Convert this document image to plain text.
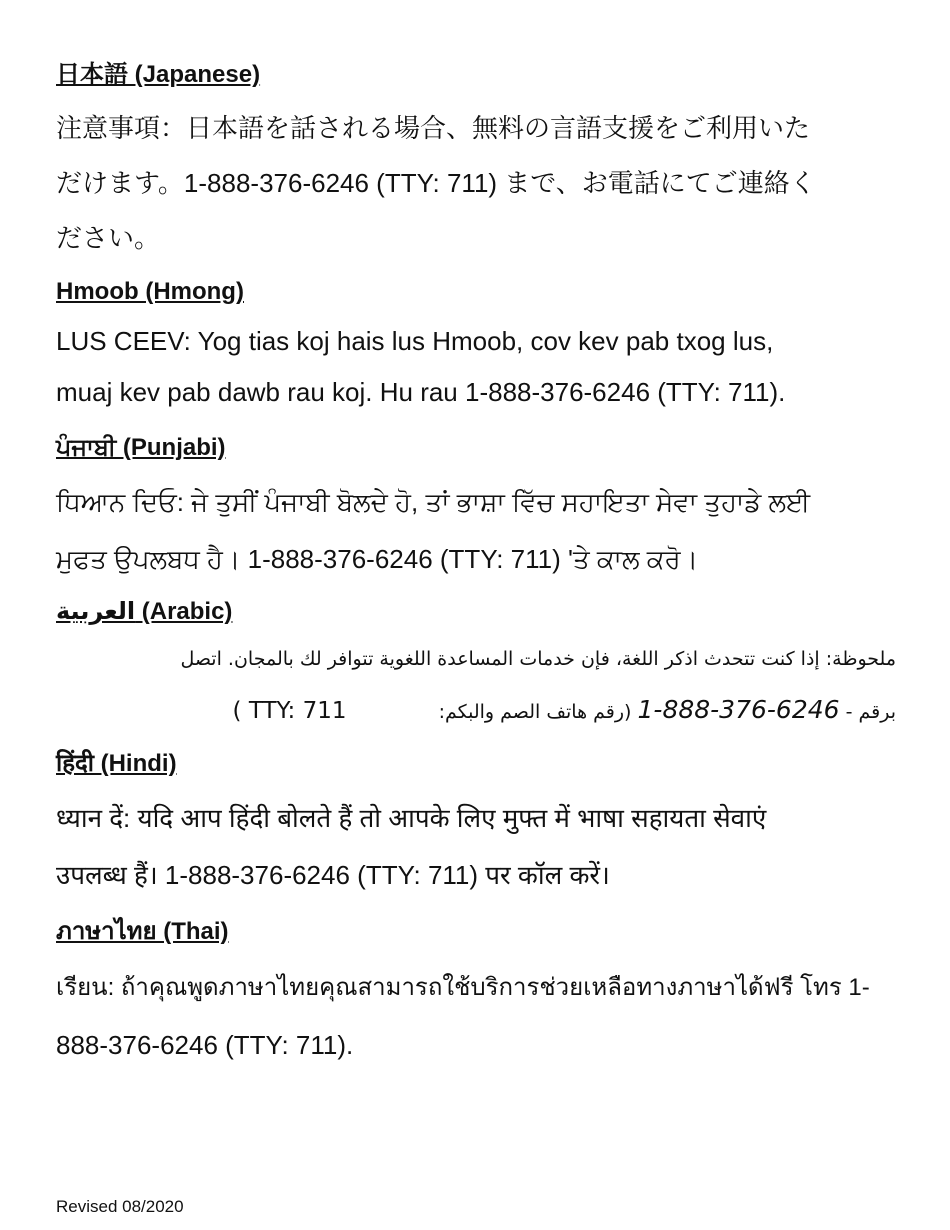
日本語 (Japanese)
注意事項：日本語を話される場合、無料の言語支援をご利用いた
だけます。1-888-376-6246 (TTY: 711) まで、お電話にてご連絡く
ださい。
Hmoob (Hmong)
LUS CEEV: Yog tias koj hais lus Hmoob, cov kev pab txog lus,
muaj kev pab dawb rau koj. Hu rau 1-888-376-6246 (TTY: 711).
ਪੰਜਾਬੀ (Punjabi)
ਧਿਆਨ ਦਿਓ: ਜੇ ਤੁਸੀਂ ਪੰਜਾਬੀ ਬੋਲਦੇ ਹੋ, ਤਾਂ ਭਾਸ਼ਾ ਵਿੱਚ ਸਹਾਇਤਾ ਸੇਵਾ ਤੁਹਾਡੇ ਲਈ
ਮੁਫਤ ਉਪਲਬਧ ਹੈ। 1-888-376-6246 (TTY: 711) 'ਤੇ ਕਾਲ ਕਰੋ।
العربية (Arabic)
ملحوظة: إذا كنت تتحدث اذكر اللغة، فإن خدمات المساعدة اللغوية تتوافر لك بالمجان. اتصل
برقم - 1-888-376-6246 (رقم هاتف الصم والبكم:  ( TTY: 711
हिंदी (Hindi)
ध्यान दें: यदि आप हिंदी बोलते हैं तो आपके लिए मुफ्त में भाषा सहायता सेवाएं
उपलब्ध हैं। 1-888-376-6246 (TTY: 711) पर कॉल करें।
ภาษาไทย (Thai)
เรียน: ถ้าคุณพูดภาษาไทยคุณสามารถใช้บริการช่วยเหลือทางภาษาได้ฟรี โทร 1-
888-376-6246 (TTY: 711).
Revised 08/2020
